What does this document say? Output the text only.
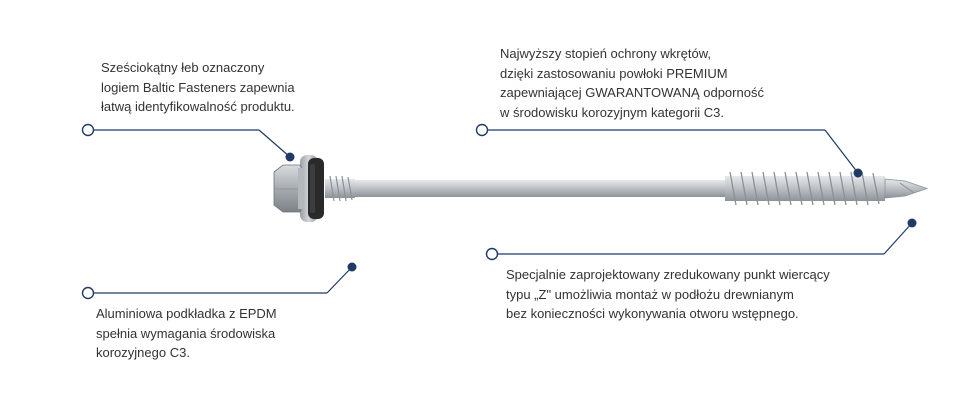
Sześciokątny łeb oznaczony
logiem Baltic Fasteners zapewnia
łatwą identyfikowalność produktu.
Najwyższy stopień ochrony wkrętów,
dzięki zastosowaniu powłoki PREMIUM
zapewniającej GWARANTOWANĄ odporność
w środowisku korozyjnym kategorii C3.
Aluminiowa podkładka z EPDM
spełnia wymagania środowiska
korozyjnego C3.
Specjalnie zaprojektowany zredukowany punkt wiercący
typu „Z" umożliwia montaż w podłożu drewnianym
bez konieczności wykonywania otworu wstępnego.
